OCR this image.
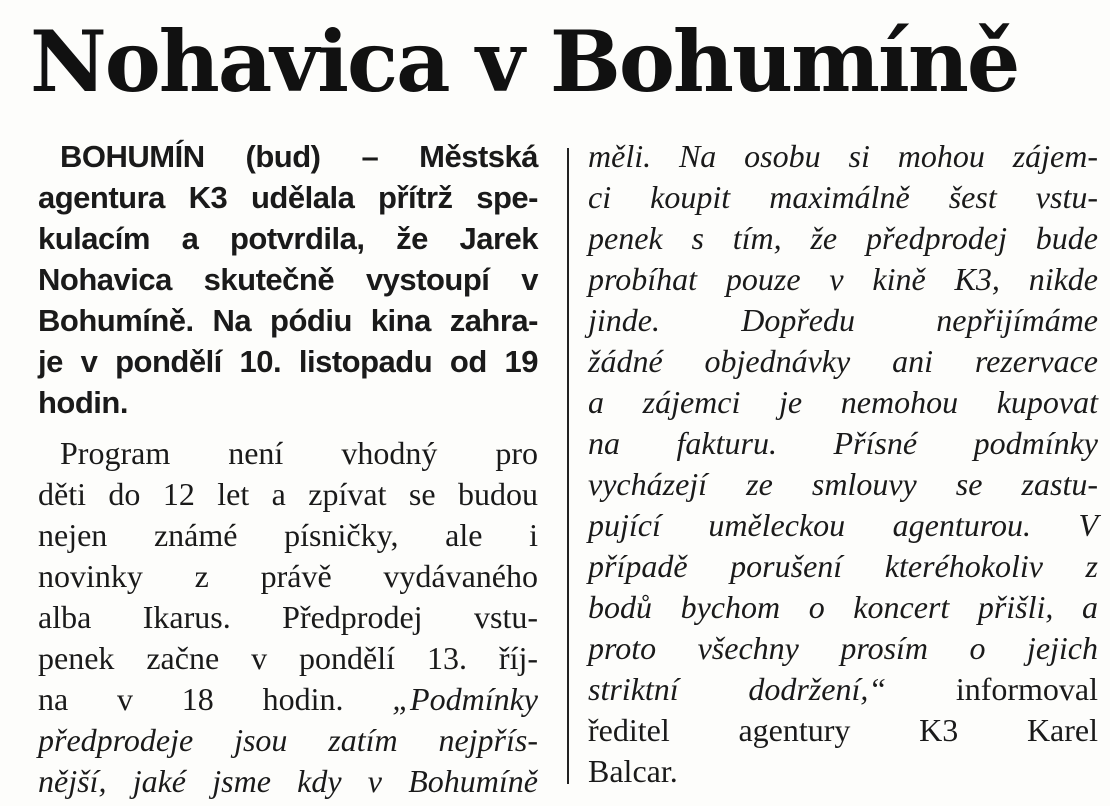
Nohavica v Bohumíně
BOHUMÍN (bud) – Městská
agentura K3 udělala přítrž spe-
kulacím a potvrdila, že Jarek
Nohavica skutečně vystoupí v
Bohumíně. Na pódiu kina zahra-
je v pondělí 10. listopadu od 19
hodin.
Program není vhodný pro
děti do 12 let a zpívat se budou
nejen známé písničky, ale i
novinky z právě vydávaného
alba Ikarus. Předprodej vstu-
penek začne v pondělí 13. říj-
na v 18 hodin. „Podmínky
předprodeje jsou zatím nejpřís-
nější, jaké jsme kdy v Bohumíně
měli. Na osobu si mohou zájem-
ci koupit maximálně šest vstu-
penek s tím, že předprodej bude
probíhat pouze v kině K3, nikde
jinde. Dopředu nepřijímáme
žádné objednávky ani rezervace
a zájemci je nemohou kupovat
na fakturu. Přísné podmínky
vycházejí ze smlouvy se zastu-
pující uměleckou agenturou. V
případě porušení kteréhokoliv z
bodů bychom o koncert přišli, a
proto všechny prosím o jejich
striktní dodržení,“ informoval
ředitel agentury K3 Karel
Balcar.
